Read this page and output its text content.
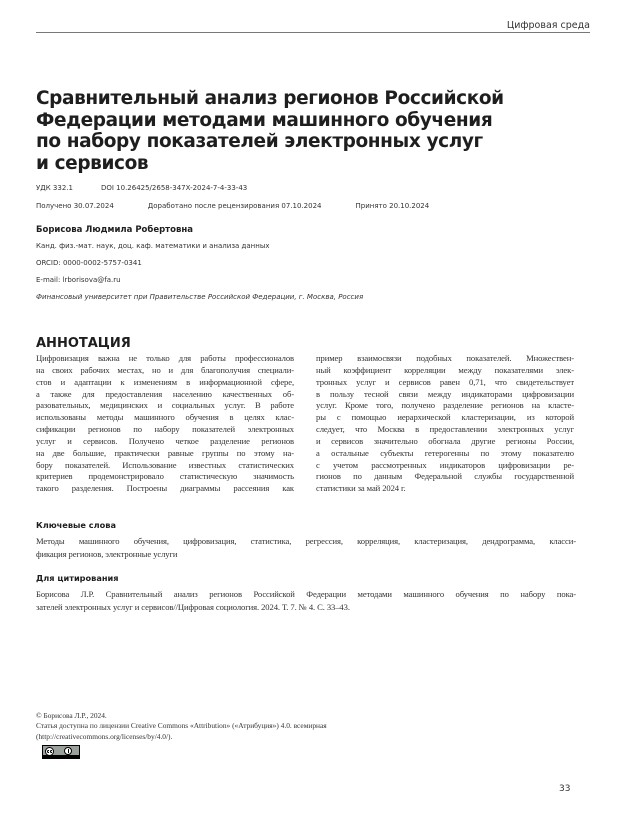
Цифровая среда
Сравнительный анализ регионов Российской
Федерации методами машинного обучения
по набору показателей электронных услуг
и сервисов
УДК 332.1	DOI 10.26425/2658-347X-2024-7-4-33-43
Получено 30.07.2024	Доработано после рецензирования 07.10.2024	Принято 20.10.2024
Борисова Людмила Робертовна
Канд. физ.-мат. наук, доц. каф. математики и анализа данных
ORCID: 0000-0002-5757-0341
E-mail: lrborisova@fa.ru
Финансовый университет при Правительстве Российской Федерации, г. Москва, Россия
АННОТАЦИЯ
Цифровизация важна не только для работы профессионалов
на своих рабочих местах, но и для благополучия специали-
стов и адаптации к изменениям в информационной сфере,
а также для предоставления населению качественных об-
разовательных, медицинских и социальных услуг. В работе
использованы методы машинного обучения в целях клас-
сификации регионов по набору показателей электронных
услуг и сервисов. Получено четкое разделение регионов
на две большие, практически равные группы по этому на-
бору показателей. Использование известных статистических
критериев продемонстрировало статистическую значимость
такого разделения. Построены диаграммы рассеяния как
пример взаимосвязи подобных показателей. Множествен-
ный коэффициент корреляции между показателями элек-
тронных услуг и сервисов равен 0,71, что свидетельствует
в пользу тесной связи между индикаторами цифровизации
услуг. Кроме того, получено разделение регионов на класте-
ры с помощью иерархической кластеризации, из которой
следует, что Москва в предоставлении электронных услуг
и сервисов значительно обогнала другие регионы России,
а остальные субъекты гетерогенны по этому показателю
с учетом рассмотренных индикаторов цифровизации ре-
гионов по данным Федеральной службы государственной
статистики за май 2024 г.
Ключевые слова
Методы машинного обучения, цифровизация, статистика, регрессия, корреляция, кластеризация, дендрограмма, класси-
фикация регионов, электронные услуги
Для цитирования
Борисова Л.Р. Сравнительный анализ регионов Российской Федерации методами машинного обучения по набору пока-
зателей электронных услуг и сервисов//Цифровая социология. 2024. Т. 7. № 4. С. 33–43.
© Борисова Л.Р., 2024.
Статья доступна по лицензии Creative Commons «Attribution» («Атрибуция») 4.0. всемирная
(http://creativecommons.org/licenses/by/4.0/).
33
